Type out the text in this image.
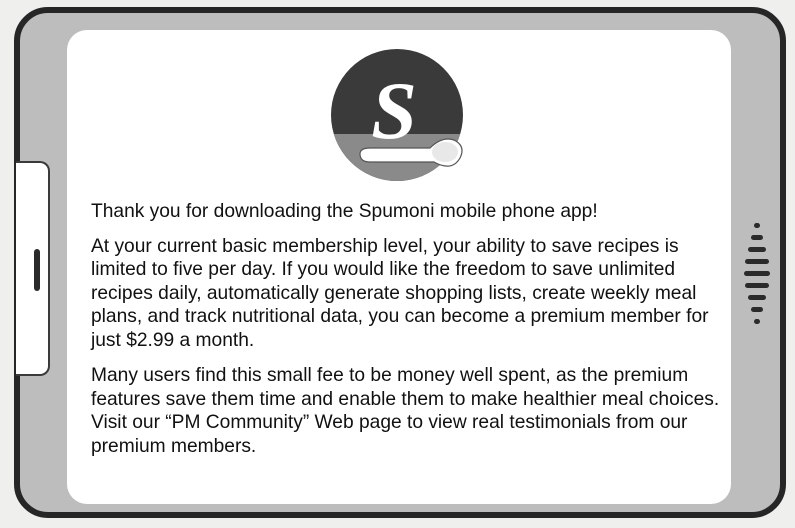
S

Thank you for downloading the Spumoni mobile phone app!

At your current basic membership level, your ability to save recipes is limited to five per day. If you would like the freedom to save unlimited recipes daily, automatically generate shopping lists, create weekly meal plans, and track nutritional data, you can become a premium member for just $2.99 a month.

Many users find this small fee to be money well spent, as the premium features save them time and enable them to make healthier meal choices. Visit our “PM Community” Web page to view real testimonials from our premium members.
